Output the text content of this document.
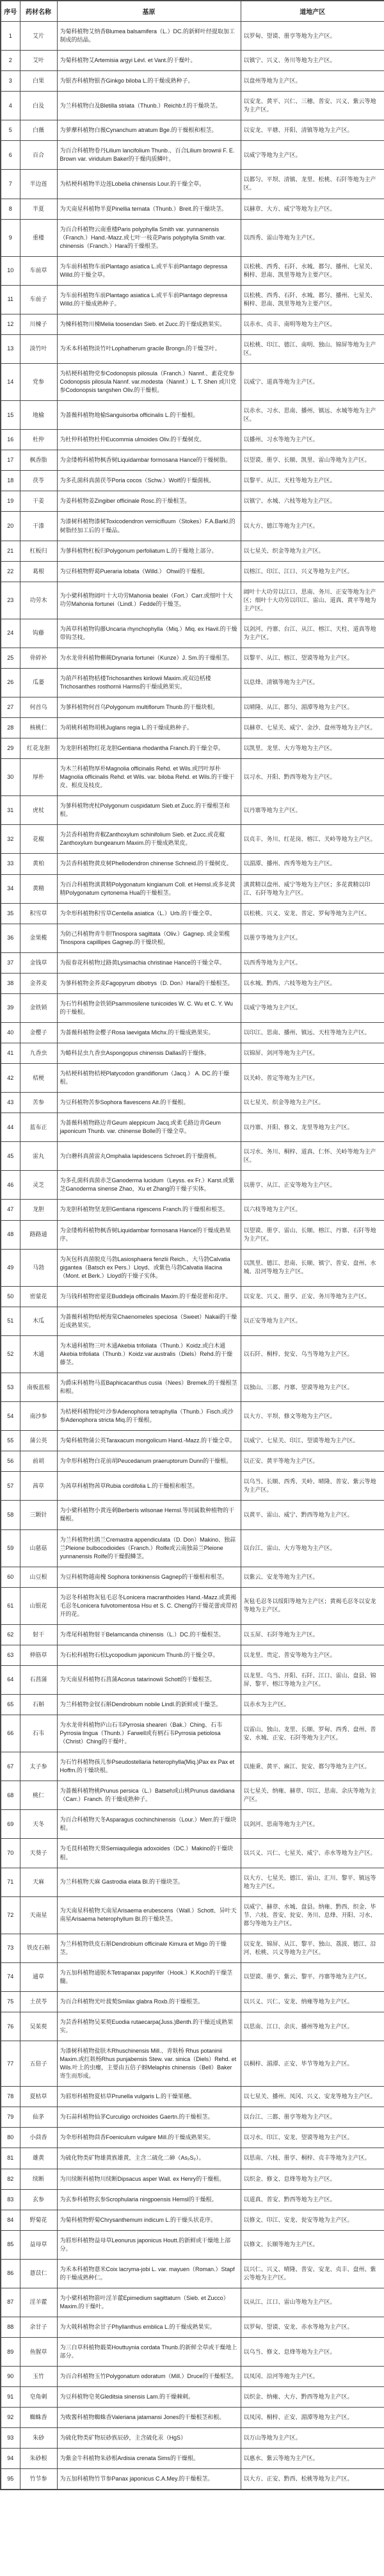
序号	药材名称	基原	道地产区
1	艾片	为菊科植物艾纳香Blumea balsamifera（L.）DC.的新鲜叶经提取加工制成的结晶。	以罗甸、望谟、册亨等地为主产区。
2	艾叶	为菊科植物艾Artemisia argyi Lévl. et Vant.的干燥叶。	以镇宁、兴义、务川等地为主产区。
3	白果	为银杏科植物银杏Ginkgo biloba L.的干燥成熟种子。	以盘州等地为主产区。
4	白及	为兰科植物白及Bletilla striata（Thunb.）Reichb.f.的干燥块茎。	以安龙、黄平、兴仁、三穗、普安、兴义、紫云等地为主产区。
5	白薇	为萝藦科植物白薇Cynanchum atratum Bge.的干燥根和根茎。	以安龙、平塘、开阳、清镇等地为主产区。
6	百合	为百合科植物卷丹Lilium lancifolium Thunb.、百合Lilium brownii F. E. Brown var. viridulum Baker的干燥肉质鳞叶。	以威宁等地为主产区。
7	半边莲	为桔梗科植物半边莲Lobelia chinensis Lour.的干燥全草。	以都匀、平坝、清镇、龙里、松桃、石阡等地为主产区。
8	半夏	为天南星科植物半夏Pinellia ternata（Thunb.）Breit.的干燥块茎。	以赫章、大方、威宁等地为主产区。
9	重楼	为百合科植物云南重楼Paris polyphylla Smith var. yunnanensis（Franch.）Hand.-Mazz.或七叶一枝花Paris polyphylla Smith var. chinensis（Franch.）Hara的干燥根茎。	以西秀、雷山等地为主产区。
10	车前草	为车前科植物车前Plantago asiatica L.或平车前Plantago depressa Willd.的干燥全草。	以松桃、西秀、石阡、水城、都匀、播州、七星关、桐梓、思南、凯里等地为主要产区。
11	车前子	为车前科植物车前Plantago asiatica L.或平车前Plantago depressa Willd.的干燥成熟种子。	以松桃、西秀、石阡、水城、都匀、播州、七星关、桐梓、思南、凯里等地为主要产区。
12	川楝子	为楝科植物川楝Melia toosendan Sieb. et Zucc.的干燥成熟果实。	以赤水、贞丰、南明等地为主产区。
13	淡竹叶	为禾本科植物淡竹叶Lophatherum gracile Brongn.的干燥茎叶。	以松桃、印江、德江、南明、独山、锦屏等地为主产区。
14	党参	为桔梗科植物党参Codonopsis pilosula（Franch.）Nannf.、素花党参Codonopsis pilosula Nannf. var.modesta（Nannf.）L. T. Shen 或川党参Codonopsis tangshen Oliv.的干燥根。	以威宁、道真等地为主产区。
15	地榆	为蔷薇科植物地榆Sanguisorba officinalis L.的干燥根。	以赤水、习水、思南、播州、镇远、水城等地为主产区。
16	杜仲	为杜仲科植物杜仲Eucommia ulmoides Oliv.的干燥树皮。	以播州、习水等地为主产区。
17	枫香脂	为金缕梅科植物枫香树Liquidambar formosana Hance的干燥树脂。	以望谟、册亨、长顺、凯里、雷山等地为主产区。
18	茯苓	为多孔菌科真菌茯苓Poria cocos（Schw.）Wolf的干燥菌核。	以黎平、从江、天柱等地为主产区。
19	干姜	为姜科植物姜Zingiber officinale Rosc.的干燥根茎。	以镇宁、水城、六枝等地为主产区。
20	干漆	为漆树科植物漆树Toxicodendron vernicifluum（Stokes）F.A.Barkl.的树脂经加工后的干燥品。	以大方、德江等地为主产区。
21	杠板归	为蓼科植物杠板归Polygonum perfoliatum L.的干燥地上部分。	以七星关、织金等地为主产区。
22	葛根	为豆科植物野葛Pueraria lobata（Willd.） Ohwi的干燥根。	以榕江、印江、江口、兴义等地为主产区。
23	功劳木	为小檗科植物阔叶十大功劳Mahonia bealei（Fort.）Carr.或细叶十大功劳Mahonia fortunei（Lindl.）Fedde的干燥茎。	阔叶十大功劳以江口、思南、务川、正安等地为主产区；细叶十大功劳以印江、雷山、道真、黄平等地为主产区。
24	钩藤	为茜草科植物钩藤Uncaria rhynchophylla（Miq.）Miq. ex Havil.的干燥带钩茎枝。	以剑河、丹寨、台江、从江、榕江、天柱、道真等地为主产区。
25	骨碎补	为水龙骨科植物槲蕨Drynaria fortunei（Kunze）J. Sm.的干燥根茎。	以黎平、从江、榕江、望谟等地为主产区。
26	瓜蒌	为葫芦科植物栝楼Trichosanthes kirilowii Maxim.或双边栝楼Trichosanthes rosthornii Harms的干燥成熟果实。	以息烽、清镇等地为主产区。
27	何首乌	为蓼科植物何首乌Polygonum multiflorum Thunb.的干燥块根。	以晴隆、从江、都匀、湄潭等地为主产区。
28	核桃仁	为胡桃科植物胡桃Juglans regia L.的干燥成熟种子。	以赫章、七星关、威宁、金沙、盘州等地为主产区。
29	红花龙胆	为龙胆科植物红花龙胆Gentiana rhodantha Franch.的干燥全草。	以凯里、龙里、大方等地为主产区。
30	厚朴	为木兰科植物厚朴Magnolia officinalis Rehd. et Wils.或凹叶厚朴Magnolia officinalis Rehd. et Wils. var. biloba Rehd. et Wils.的干燥干皮、根皮及枝皮。	以习水、开阳、黔西等地为主产区。
31	虎杖	为蓼科植物虎杖Polygonum cuspidatum Sieb.et Zucc.的干燥根茎和根。	以丹寨等地为主产区。
32	花椒	为芸香科植物青椒Zanthoxylum schinifolium Sieb. et Zucc.或花椒Zanthoxylum bungeanum Maxim.的干燥成熟果皮。	以贞丰、务川、红花岗、榕江、关岭等地为主产区。
33	黄柏	为芸香科植物黄皮树Phellodendron chinense Schneid.的干燥树皮。	以湄潭、播州、西秀等地为主产区。
34	黄精	为百合科植物滇黄精Polygonatum kingianum Coll. et Hemsl.或多花黄精Polygonatum cyrtonema Hua的干燥根茎。	滇黄精以盘州、威宁等地为主产区；多花黄精以印江、石阡等地为主产区。
35	积雪草	为伞形科植物积雪草Centella asiatica（L.）Urb.的干燥全草。	以松桃、兴义、安龙、普定、罗甸等地为主产区。
36	金果榄	为防己科植物青牛胆Tinospora sagittata（Oliv.）Gagnep. 或金果榄Tinospora capillipes Gagnep.的干燥块根。	以册亨等地为主产区。
37	金钱草	为报春花科植物过路黄Lysimachia christinae Hance的干燥全草。	以西秀等地为主产区。
38	金荞麦	为蓼科植物金荞麦Fagopyrum dibotrys（D. Don）Hara的干燥根茎。	以水城、黔西、六枝等地为主产区。
39	金铁锁	为石竹科植物金铁锁Psammosilene tunicoides W. C. Wu et C. Y. Wu的干燥根。	以威宁等地为主产区。
40	金樱子	为蔷薇科植物金樱子Rosa laevigata Michx.的干燥成熟果实。	以印江、思南、播州、镇远、天柱等地为主产区。
41	九香虫	为蝽科昆虫九香虫Aspongopus chinensis Dallas的干燥体。	以锦屏、剑河等地为主产区。
42	桔梗	为桔梗科植物桔梗Platycodon grandiflorum（Jacq.） A. DC.的干燥根。	以关岭、普定等地为主产区。
43	苦参	为豆科植物苦参Sophora flavescens Ait.的干燥根。	以七星关、织金等地为主产区。
44	蓝布正	为蔷薇科植物路边青Geum aleppicum Jacq.或柔毛路边青Geum japonicum Thunb. var. chinense Bolle的干燥全草。	以丹寨、开阳、修文、龙里等地为主产区。
45	雷丸	为白蘑科真菌雷丸Omphalia lapidescens Schroet.的干燥菌核。	以习水、务川、桐梓、道真、仁怀、关岭等地为主产区。
46	灵芝	为多孔菌科真菌赤芝Ganoderma lucidum（Leyss. ex Fr.）Karst.或紫芝Ganoderma sinense Zhao，Xu et Zhang的干燥子实体。	以册亨、从江、正安等地为主产区。
47	龙胆	为龙胆科植物坚龙胆Gentiana rigescens Franch.的干燥根和根茎。	以六枝等地为主产区。
48	路路通	为金缕梅科植物枫香树Liquidambar formosana Hance的干燥成熟果序。	以望谟、册亨、雷山、长顺、榕江、丹寨、石阡等地为主产区。
49	马勃	为灰包科真菌脱皮马勃Lasiosphaera fenzlii Reich.、大马勃Calvatia gigantea（Batsch ex Pers.）Lloyd、或紫色马勃Calvatia lilacina（Mont. et Berk.）Lloyd的干燥子实体。	以凯里、德江、思南、长顺、镇宁、普安、盘州、水城、沿河等地为主产区。
50	密蒙花	为马钱科植物密蒙花Buddleja officinalis Maxim.的干燥花蕾和花序。	以安龙、兴义、册亨、正安、务川等地为主产区。
51	木瓜	为蔷薇科植物贴梗海棠Chaenomeles speciosa（Sweet）Nakai的干燥近成熟果实。	以正安等地为主产区。
52	木通	为木通科植物三叶木通Akebia trifoliata（Thunb.）Koidz.或白木通Akebia trifoliata（Thunb.）Koidz.var.australis（Diels）Rehd.的干燥藤茎。	以石阡、桐梓、瓮安、乌当等地为主产区。
53	南板蓝根	为爵床科植物马蓝Baphicacanthus cusia（Nees）Bremek.的干燥根茎和根。	以独山、三都、丹寨、望谟等地为主产区。
54	南沙参	为桔梗科植物轮叶沙参Adenophora tetraphylla（Thunb.）Fisch.或沙参Adenophora stricta Miq.的干燥根。	以大方、平坝、修文等地为主产区。
55	蒲公英	为菊科植物蒲公英Taraxacum mongolicum Hand.-Mazz.的干燥全草。	以威宁、七星关、印江、望谟等地为主产区。
56	前胡	为伞形科植物白花前胡Peucedanum praeruptorum Dunn的干燥根。	以正安、黄平等地为主产区。
57	茜草	为茜草科植物茜草Rubia cordifolia L.的干燥根和根茎。	以乌当、长顺、西秀、关岭、晴隆、普安、紫云等地为主产区。
58	三颗针	为小檗科植物小黄连刺Berberis wilsonae Hemsl.等同属数种植物的干燥根。	以黄平、雷山、威宁、黔西等地为主产区。
59	山慈菇	为兰科植物杜鹃兰Cremastra appendiculata（D. Don）Makino、独蒜兰Pleione bulbocodioides（Franch.）Rolfe或云南独蒜兰Pleione yunnanensis Rolfe的干燥假鳞茎。	以台江、雷山、大方等地为主产区。
60	山豆根	为豆科植物越南槐 Sophora tonkinensis Gagnep的干燥根和根茎。	以紫云、安龙等地为主产区。
61	山银花	为忍冬科植物灰毡毛忍冬Lonicera macranthoides Hand.-Mazz.或黄褐毛忍冬Lonicera fulvotomentosa Hsu et S. C. Cheng的干燥花蕾或带初开的花。	灰毡毛忍冬以绥阳等地为主产区；黄褐毛忍冬以安龙等地为主产区。
62	射干	为鸢尾科植物射干Belamcanda chinensis（L.）DC.的干燥根茎。	以玉屏、石阡等地为主产区。
63	伸筋草	为石松科植物石松Lycopodium japonicum Thunb.的干燥全草。	以龙里、贵定、普安等地为主产区。
64	石菖蒲	为天南星科植物石菖蒲Acorus tatarinowii Schott的干燥根茎。	以龙里、乌当、开阳、石阡、江口、雷山、盘县、锦屏、黎平、榕江等地为主产区。
65	石斛	为兰科植物金钗石斛Dendrobium nobile Lindl.的新鲜或干燥茎。	以赤水为主产区。
66	石韦	为水龙骨科植物庐山石韦Pyrrosia sheareri（Bak.）Ching、石韦Pyrrosia lingua（Thunb.）Farwell或有柄石韦Pyrrosia petiolosa（Christ）Ching的干燥叶。	以雷山、独山、龙里、长顺、罗甸、西秀、盘州、普安、水城、正安、石阡等地为主产区。
67	太子参	为石竹科植物孩儿参Pseudostellaria heterophylla(Miq.)Pax ex Pax et Hoffm.的干燥块根。	以施秉、黄平、麻江、瓮安、都匀等地为主产区。
68	桃仁	为蔷薇科植物桃Prunus persica（L.）Batseh或山桃Prunus davidiana（Carr.）Franch. 的干燥成熟种子。	以七星关、纳雍、赫章、印江、思南、余庆等地为主产区。
69	天冬	为百合科植物天冬Asparagus cochinchinensis（Lour.）Merr.的干燥块根。	以剑河、思南等地为主产区。
70	天葵子	为毛茛科植物天葵Semiaquilegia adoxoides（DC.）Makino的干燥块根。	以兴义、兴仁、七星关、威宁、赤水等地为主产区。
71	天麻	为兰科植物天麻 Gastrodia elata Bl.的干燥块茎。	以大方、七星关、德江、雷山、汇川、黎平、镇远等地为主产区。
72	天南星	为天南星科植物天南星Arisaema erubescens（Wall.）Schott、异叶天南星Arisaema heterophyllum Bl.的干燥块茎。	以威宁、赫章、水城、盘县。纳雍、黔西、织金、毕节、六枝、普安、瓮安、务川、息烽、开阳、习水、都匀等地为主产区。
73	铁皮石斛	为兰科植物铁皮石斛Dendrobium officinale Kimura et Migo 的干燥茎。	以安龙、锦屏、从江、黎平、独山、荔波、德江、沿河、松桃、兴义等地为主产区。
74	通草	为五加科植物通脱木Tetrapanax papyrifer（Hook.）K.Koch的干燥茎髓。	以望谟、册亨、紫云、黎平、丹寨等地为主产区。
75	土茯苓	为百合科植物光叶菝葜Smilax glabra Roxb.的干燥根茎。	以兴义、兴仁、安龙、纳雍等地为主产区。
76	吴茱萸	为芸香科植物吴茱萸Euodia rutaecarpa(Juss.)Benth.的干燥近成熟果实。	以思南、江口、余庆、播州等地为主产区。
77	五倍子	为漆树科植物盐肤木Rhuschinensis Mill.、青麸杨 Rhus potaninii Maxim.或红麸杨Rhus punjabensis Stew. var. sinica（Diels）Rehd. et Wils.叶上的虫瘿，主要由五倍子蚜Melaphis chinensis（Bell）Baker寄生而形成。	以桐梓、湄潭、正安、毕节等地为主产区。
78	夏枯草	为唇形科植物夏枯草Prunella vulgaris L.的干燥果穗。	以七星关、播州、凤冈、兴义、安龙等地为主产区。
79	仙茅	为石蒜科植物仙茅Curculigo orchioides Gaertn.的干燥根茎。	以台江、三都、册亨等地为主产区。
80	小茴香	为伞形科植物茴香Foeniculum vulgare Mill.的干燥成熟果实。	以习水、印江、安龙、望谟等地为主产区。
81	雄黄	为硫化物类矿物雄黄族雄黄，主含二硫化二砷（As₂S₂）。	以思南、六枝、册亨、桐梓、贞丰等地为主产区。
82	续断	为川续断科植物川续断Dipsacus asper Wall. ex Henry的干燥根。	以织金、修文、息烽等地为主产区。
83	玄参	为玄参科植物玄参Scrophularia ningpoensis Hemsl的干燥根。	以道真、普安、黔西等地为主产区。
84	野菊花	为菊科植物野菊Chrysanthemum indicum L.的干燥头状花序。	以修文、印江、安龙、瓮安等地为主产区。
85	益母草	为唇形科植物益母草Leonurus japonicus Houtt.的新鲜或干燥地上部分。	以修文、长顺等地为主产区。
86	薏苡仁	为禾本科植物薏米Coix lacryma-jobi L. var. mayuen（Roman.）Stapf的干燥成熟种仁。	以兴仁、兴义、晴隆、普安、安龙、贞丰、盘州、紫云等地为主产区。
87	淫羊藿	为小檗科植物箭叶淫羊藿Epimedium sagittaturn（Sieb. et Zucco）Maxim.的干燥叶。	以从江、江口、雷山等地为主产区。
88	余甘子	为大戟科植物余甘子Phyllanthus emblica L.的干燥成熟果实。	以罗甸、望谟、安龙、赤水等地为主产区。
89	鱼腥草	为三白草科植物蕺菜Houttuynia cordata Thunb.的新鲜全草或干燥地上部分。	以乌当、修文、息烽等地为主产区。
90	玉竹	为百合科植物玉竹Polygonatum odoratum（Mill.）Druce的干燥根茎。	以凤冈、沿河等地为主产区。
91	皂角刺	为豆科植物皂荚Gleditsia sinensis Lam.的干燥棘刺。	以织金、纳雍、大方、黔西等地为主产区。
92	蜘蛛香	为败酱科植物蜘蛛香Valeriana jatamansi Jones的干燥根茎和根。	以凤冈、桐梓、正安、湄潭等地为主产区。
93	朱砂	为硫化物类矿物辰砂族辰砂，主含硫化汞（HgS）	以万山等地为主产区。
94	朱砂根	为紫金牛科植物朱砂根Ardisia crenata Sims的干燥根。	以惠水、紫云等地为主产区。
95	竹节参	为五加科植物竹节参Panax japonicus C.A.Mey.的干燥根茎。	以大方、正安、黔西、松桃等地为主产区。
